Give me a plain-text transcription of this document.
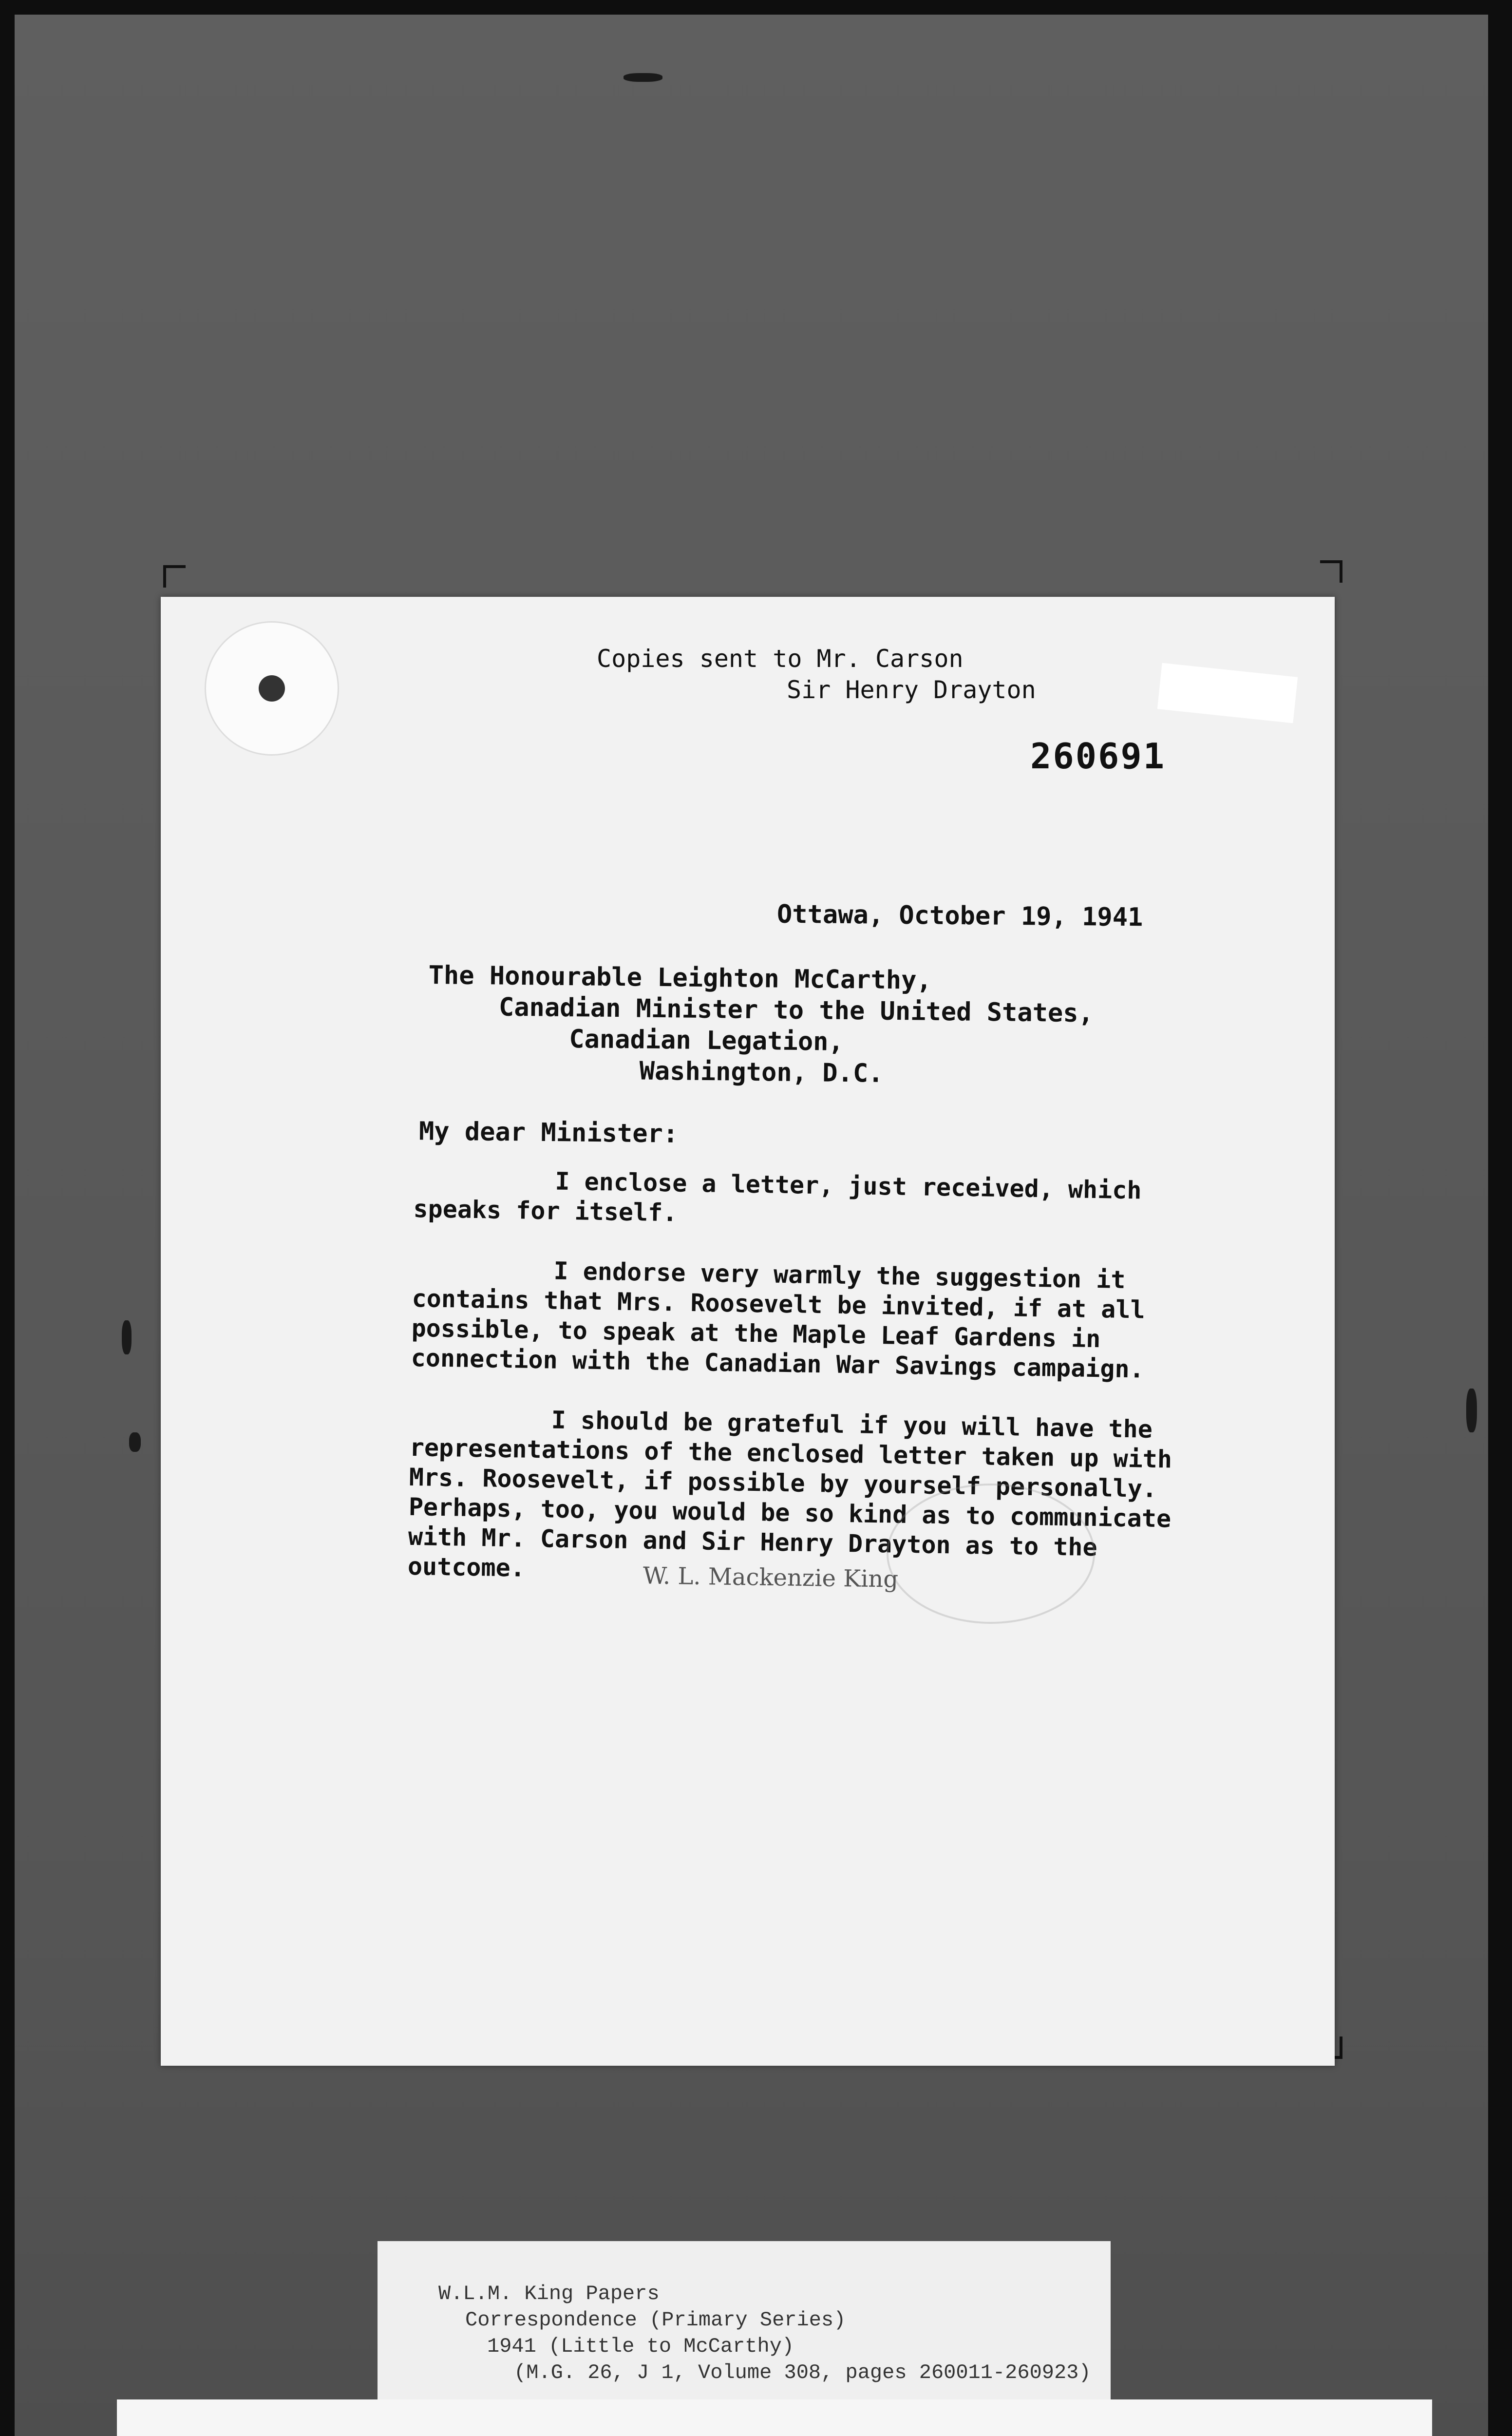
Copies sent to Mr. Carson
Sir Henry Drayton
260691
Ottawa, October 19, 1941
The Honourable Leighton McCarthy,
Canadian Minister to the United States,
Canadian Legation,
Washington, D.C.
My dear Minister:

I enclose a letter, just received, which speaks for itself.

I endorse very warmly the suggestion it contains that Mrs. Roosevelt be invited, if at all possible, to speak at the Maple Leaf Gardens in connection with the Canadian War Savings campaign.

I should be grateful if you will have the representations of the enclosed letter taken up with Mrs. Roosevelt, if possible by yourself personally. Perhaps, too, you would be so kind as to communicate with Mr. Carson and Sir Henry Drayton as to the outcome.	W. L. Mackenzie King
W.L.M. King Papers
Correspondence (Primary Series)
1941 (Little to McCarthy)
(M.G. 26, J 1, Volume 308, pages 260011-260923)
